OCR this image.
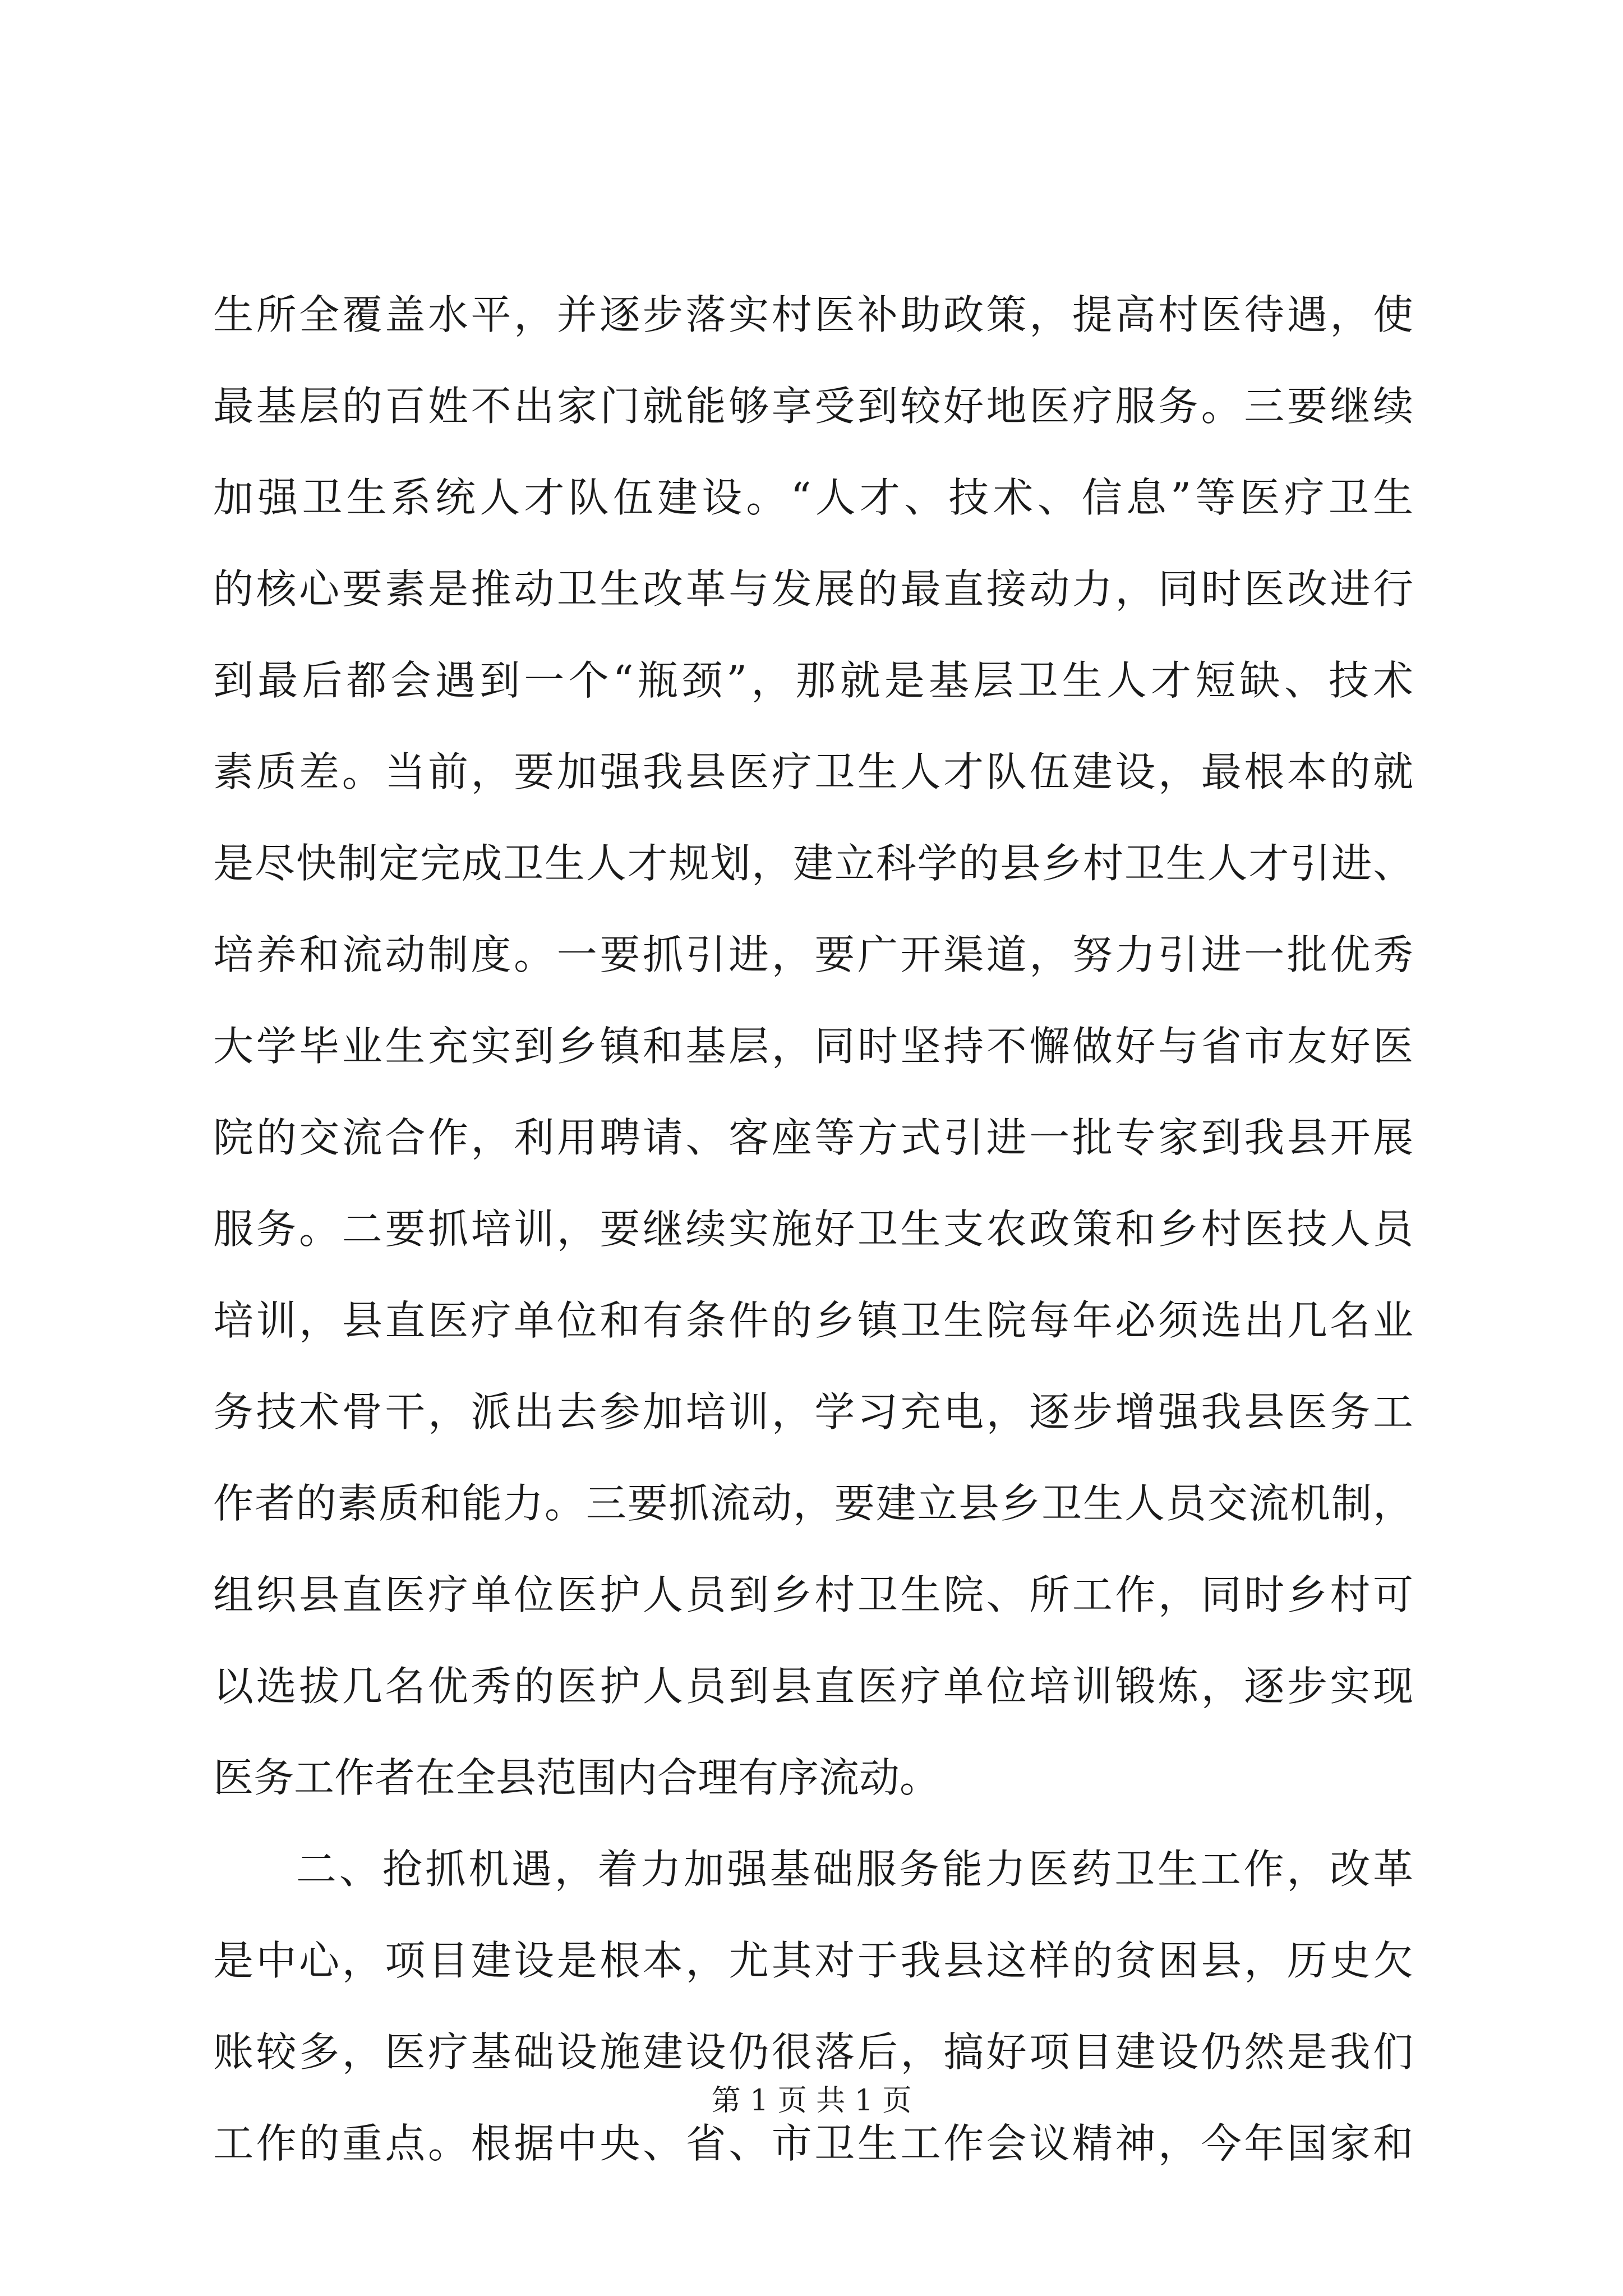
生所全覆盖水平，并逐步落实村医补助政策，提高村医待遇，使
最基层的百姓不出家门就能够享受到较好地医疗服务。三要继续
加强卫生系统人才队伍建设。“人才、技术、信息”等医疗卫生
的核心要素是推动卫生改革与发展的最直接动力，同时医改进行
到最后都会遇到一个“瓶颈”，那就是基层卫生人才短缺、技术
素质差。当前，要加强我县医疗卫生人才队伍建设，最根本的就
是尽快制定完成卫生人才规划，建立科学的县乡村卫生人才引进、
培养和流动制度。一要抓引进，要广开渠道，努力引进一批优秀
大学毕业生充实到乡镇和基层，同时坚持不懈做好与省市友好医
院的交流合作，利用聘请、客座等方式引进一批专家到我县开展
服务。二要抓培训，要继续实施好卫生支农政策和乡村医技人员
培训，县直医疗单位和有条件的乡镇卫生院每年必须选出几名业
务技术骨干，派出去参加培训，学习充电，逐步增强我县医务工
作者的素质和能力。三要抓流动，要建立县乡卫生人员交流机制，
组织县直医疗单位医护人员到乡村卫生院、所工作，同时乡村可
以选拔几名优秀的医护人员到县直医疗单位培训锻炼，逐步实现
医务工作者在全县范围内合理有序流动。
二、抢抓机遇，着力加强基础服务能力医药卫生工作，改革
是中心，项目建设是根本，尤其对于我县这样的贫困县，历史欠
账较多，医疗基础设施建设仍很落后，搞好项目建设仍然是我们
工作的重点。根据中央、省、市卫生工作会议精神，今年国家和
第 1 页 共 1 页
